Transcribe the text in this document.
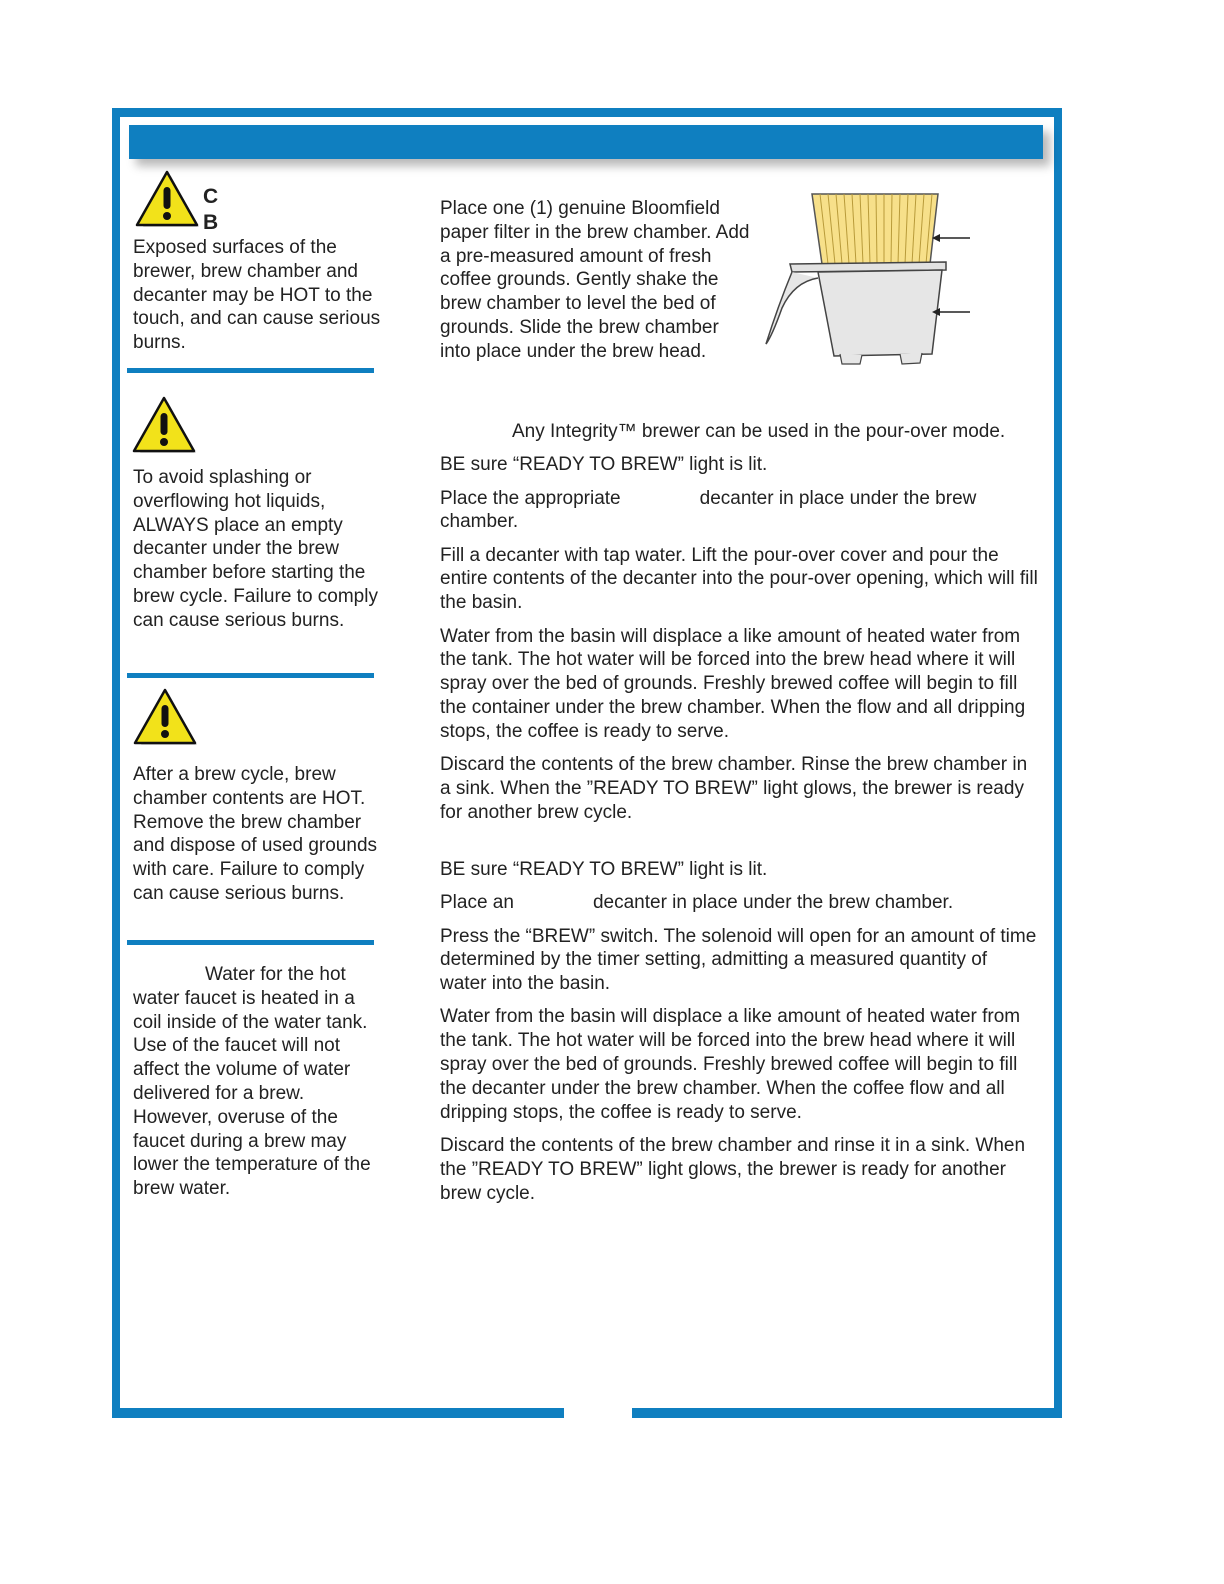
C
B
Exposed surfaces of the brewer, brew chamber and decanter may be HOT to the touch, and can cause serious burns.
To avoid splashing or overflowing hot liquids, ALWAYS place an empty decanter under the brew chamber before starting the brew cycle. Failure to comply can cause serious burns.
After a brew cycle, brew chamber contents are HOT. Remove the brew chamber and dispose of used grounds with care. Failure to comply can cause serious burns.
Water for the hot water faucet is heated in a coil inside of the water tank. Use of the faucet will not affect the volume of water delivered for a brew. However, overuse of the faucet during a brew may lower the temperature of the brew water.
Place one (1) genuine Bloomfield paper filter in the brew chamber. Add a pre-measured amount of fresh coffee grounds. Gently shake the brew chamber to level the bed of grounds. Slide the brew chamber into place under the brew head.

Any Integrity™ brewer can be used in the pour-over mode.

BE sure “READY TO BREW” light is lit.

Place the appropriate	decanter in place under the brew chamber.

Fill a decanter with tap water. Lift the pour-over cover and pour the entire contents of the decanter into the pour-over opening, which will fill the basin.

Water from the basin will displace a like amount of heated water from the tank. The hot water will be forced into the brew head where it will spray over the bed of grounds. Freshly brewed coffee will begin to fill the container under the brew chamber. When the flow and all dripping stops, the coffee is ready to serve.

Discard the contents of the brew chamber. Rinse the brew chamber in a sink. When the ”READY TO BREW” light glows, the brewer is ready for another brew cycle.

BE sure “READY TO BREW” light is lit.

Place an	decanter in place under the brew chamber.

Press the “BREW” switch. The solenoid will open for an amount of time determined by the timer setting, admitting a measured quantity of water into the basin.

Water from the basin will displace a like amount of heated water from the tank. The hot water will be forced into the brew head where it will spray over the bed of grounds. Freshly brewed coffee will begin to fill the decanter under the brew chamber. When the coffee flow and all dripping stops, the coffee is ready to serve.

Discard the contents of the brew chamber and rinse it in a sink. When the ”READY TO BREW” light glows, the brewer is ready for another brew cycle.
